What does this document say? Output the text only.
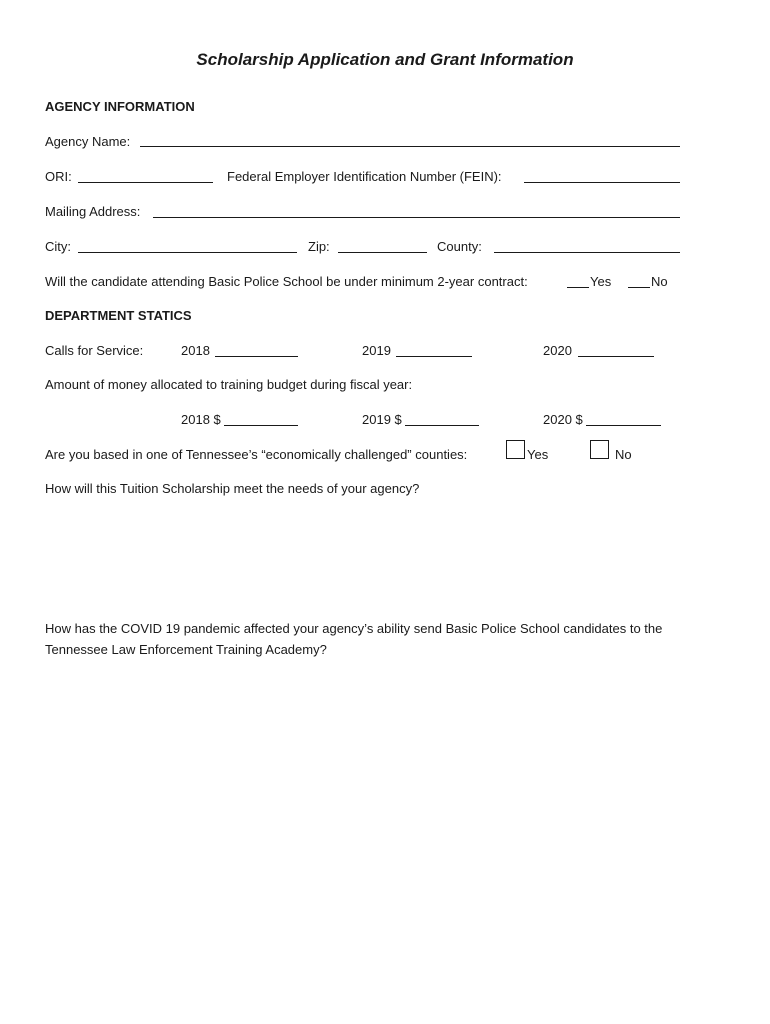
Scholarship Application and Grant Information
AGENCY INFORMATION
Agency Name:
ORI:	Federal Employer Identification Number (FEIN):
Mailing Address:
City:	Zip:	County:
Will the candidate attending Basic Police School be under minimum 2-year contract:	Yes	No
DEPARTMENT STATICS
Calls for Service:	2018	2019	2020
Amount of money allocated to training budget during fiscal year:
2018 $	2019 $	2020 $
Are you based in one of Tennessee’s “economically challenged” counties:	Yes	No
How will this Tuition Scholarship meet the needs of your agency?
How has the COVID 19 pandemic affected your agency’s ability send Basic Police School candidates to the
Tennessee Law Enforcement Training Academy?
